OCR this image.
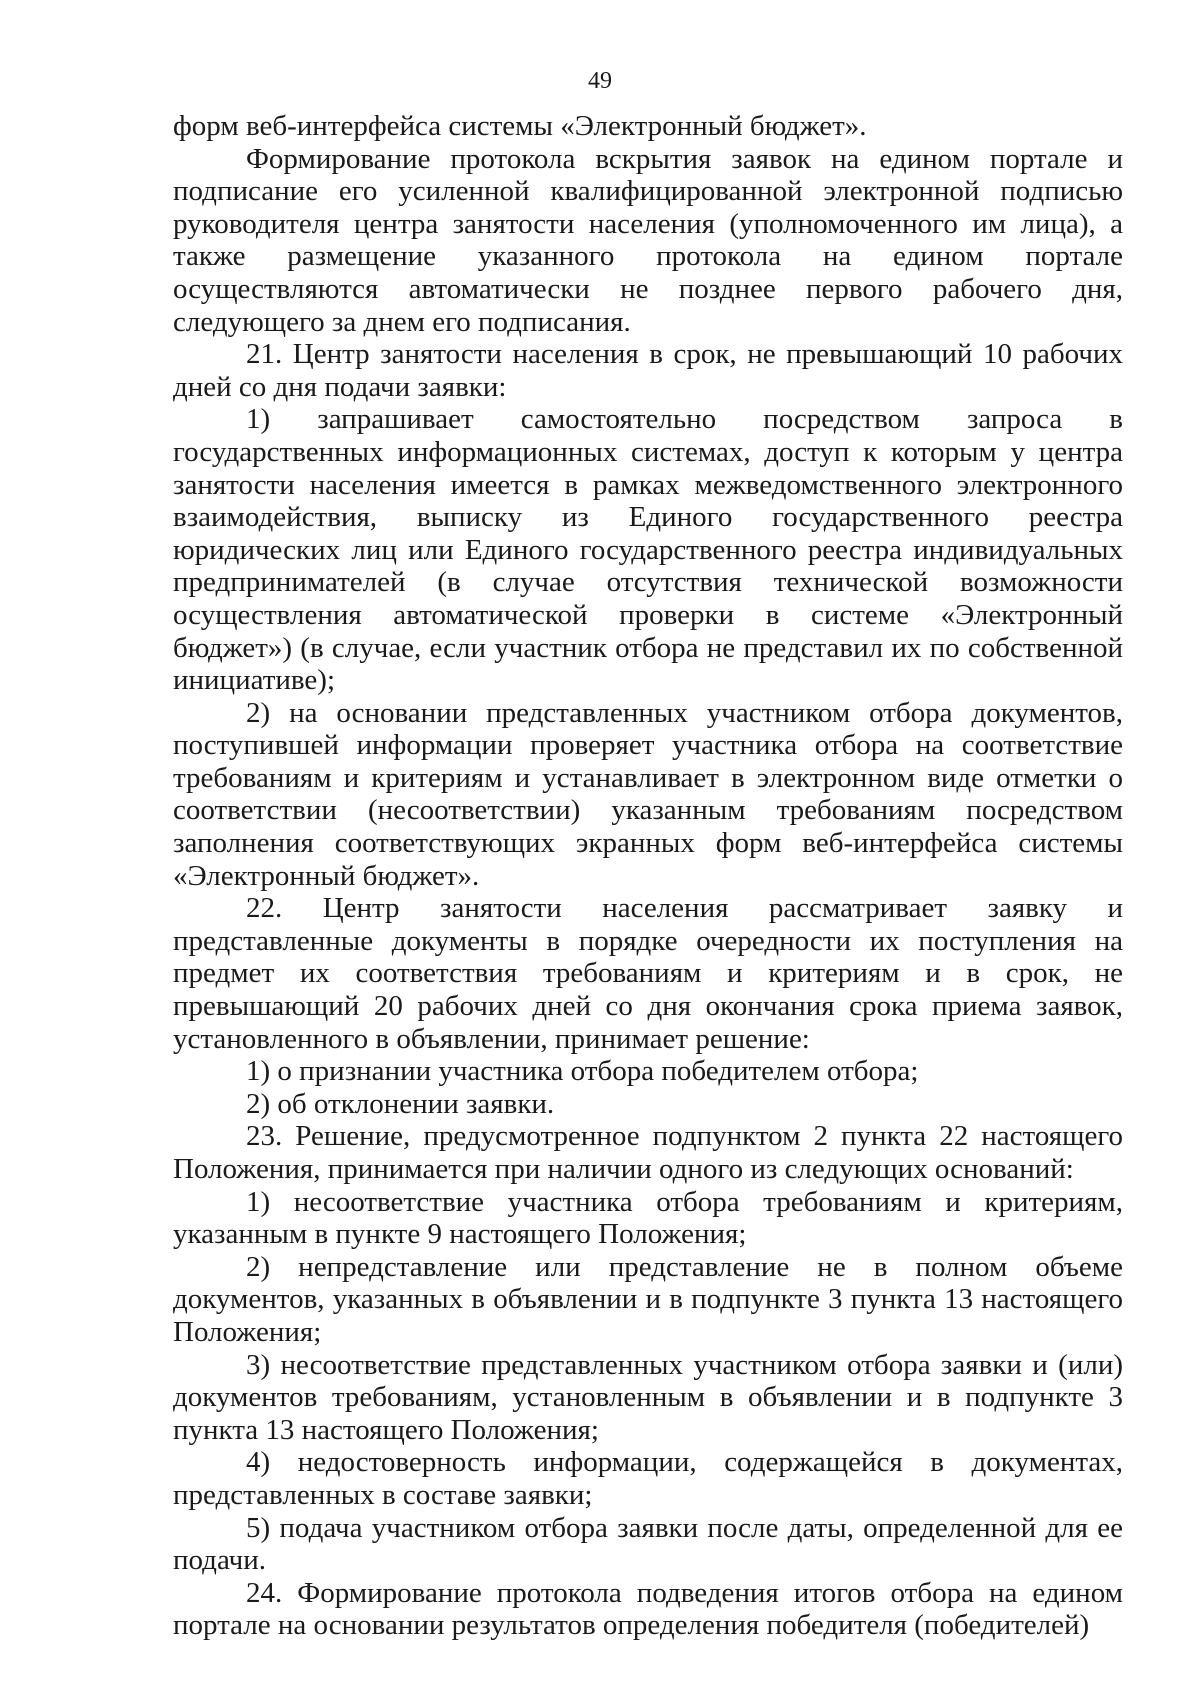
49

форм веб-интерфейса системы «Электронный бюджет».

Формирование протокола вскрытия заявок на едином портале и подписание его усиленной квалифицированной электронной подписью руководителя центра занятости населения (уполномоченного им лица), а также размещение указанного протокола на едином портале осуществляются автоматически не позднее первого рабочего дня, следующего за днем его подписания.

21. Центр занятости населения в срок, не превышающий 10 рабочих дней со дня подачи заявки:

1) запрашивает самостоятельно посредством запроса в государственных информационных системах, доступ к которым у центра занятости населения имеется в рамках межведомственного электронного взаимодействия, выписку из Единого государственного реестра юридических лиц или Единого государственного реестра индивидуальных предпринимателей (в случае отсутствия технической возможности осуществления автоматической проверки в системе «Электронный бюджет») (в случае, если участник отбора не представил их по собственной инициативе);

2) на основании представленных участником отбора документов, поступившей информации проверяет участника отбора на соответствие требованиям и критериям и устанавливает в электронном виде отметки о соответствии (несоответствии) указанным требованиям посредством заполнения соответствующих экранных форм веб-интерфейса системы «Электронный бюджет».

22. Центр занятости населения рассматривает заявку и представленные документы в порядке очередности их поступления на предмет их соответствия требованиям и критериям и в срок, не превышающий 20 рабочих дней со дня окончания срока приема заявок, установленного в объявлении, принимает решение:

1) о признании участника отбора победителем отбора;

2) об отклонении заявки.

23. Решение, предусмотренное подпунктом 2 пункта 22 настоящего Положения, принимается при наличии одного из следующих оснований:

1) несоответствие участника отбора требованиям и критериям, указанным в пункте 9 настоящего Положения;

2) непредставление или представление не в полном объеме документов, указанных в объявлении и в подпункте 3 пункта 13 настоящего Положения;

3) несоответствие представленных участником отбора заявки и (или) документов требованиям, установленным в объявлении и в подпункте 3 пункта 13 настоящего Положения;

4) недостоверность информации, содержащейся в документах, представленных в составе заявки;

5) подача участником отбора заявки после даты, определенной для ее подачи.

24. Формирование протокола подведения итогов отбора на едином портале на основании результатов определения победителя (победителей)
